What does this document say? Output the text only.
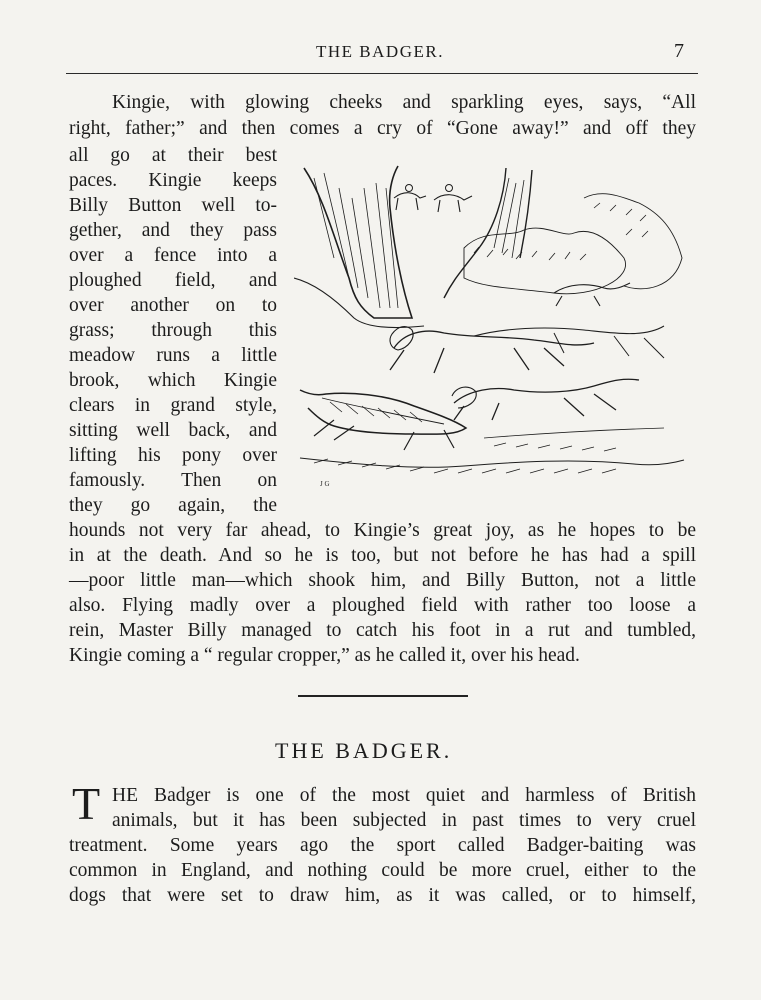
THE BADGER.	7
Kingie, with glowing cheeks and sparkling eyes, says, “All
right, father;” and then comes a cry of “Gone away!” and off they
all go at their best
paces. Kingie keeps
Billy Button well to-
gether, and they pass
over a fence into a
ploughed field, and
over another on to
grass; through this
meadow runs a little
brook, which Kingie
clears in grand style,
sitting well back, and
lifting his pony over
famously. Then on
they go again, the
hounds not very far ahead, to Kingie’s great joy, as he hopes to be
in at the death. And so he is too, but not before he has had a spill
—poor little man—which shook him, and Billy Button, not a little
also. Flying madly over a ploughed field with rather too loose a
rein, Master Billy managed to catch his foot in a rut and tumbled,
Kingie coming a “ regular cropper,” as he called it, over his head.
J G
THE BADGER.
T HE Badger is one of the most quiet and harmless of British
animals, but it has been subjected in past times to very cruel
treatment. Some years ago the sport called Badger-baiting was
common in England, and nothing could be more cruel, either to the
dogs that were set to draw him, as it was called, or to himself,
